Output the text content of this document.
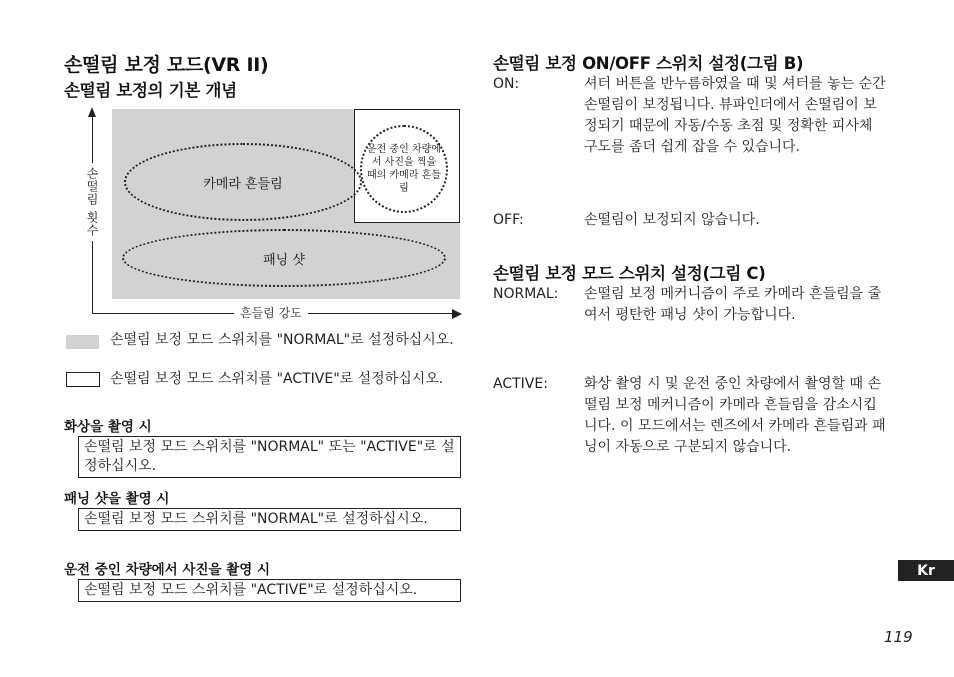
손떨림 보정 모드(VR II)
손떨림 보정의 기본 개념
카메라 흔들림
패닝 샷
운전 중인 차량에서 사진을 찍을 때의 카메라 흔들림
손떨림 횟수
흔들림 강도
손떨림 보정 모드 스위치를 "NORMAL"로 설정하십시오.
손떨림 보정 모드 스위치를 "ACTIVE"로 설정하십시오.
화상을 촬영 시
손떨림 보정 모드 스위치를 "NORMAL" 또는 "ACTIVE"로 설정하십시오.
패닝 샷을 촬영 시
손떨림 보정 모드 스위치를 "NORMAL"로 설정하십시오.
운전 중인 차량에서 사진을 촬영 시
손떨림 보정 모드 스위치를 "ACTIVE"로 설정하십시오.
손떨림 보정 ON/OFF 스위치 설정(그림 B)
ON:	셔터 버튼을 반누름하였을 때 및 셔터를 놓는 순간 손떨림이 보정됩니다. 뷰파인더에서 손떨림이 보정되기 때문에 자동/수동 초점 및 정확한 피사체 구도를 좀더 쉽게 잡을 수 있습니다.
OFF:	손떨림이 보정되지 않습니다.
손떨림 보정 모드 스위치 설정(그림 C)
NORMAL: 손떨림 보정 메커니즘이 주로 카메라 흔들림을 줄여서 평탄한 패닝 샷이 가능합니다.
ACTIVE:	화상 촬영 시 및 운전 중인 차량에서 촬영할 때 손떨림 보정 메커니즘이 카메라 흔들림을 감소시킵니다. 이 모드에서는 렌즈에서 카메라 흔들림과 패닝이 자동으로 구분되지 않습니다.
Kr
119
